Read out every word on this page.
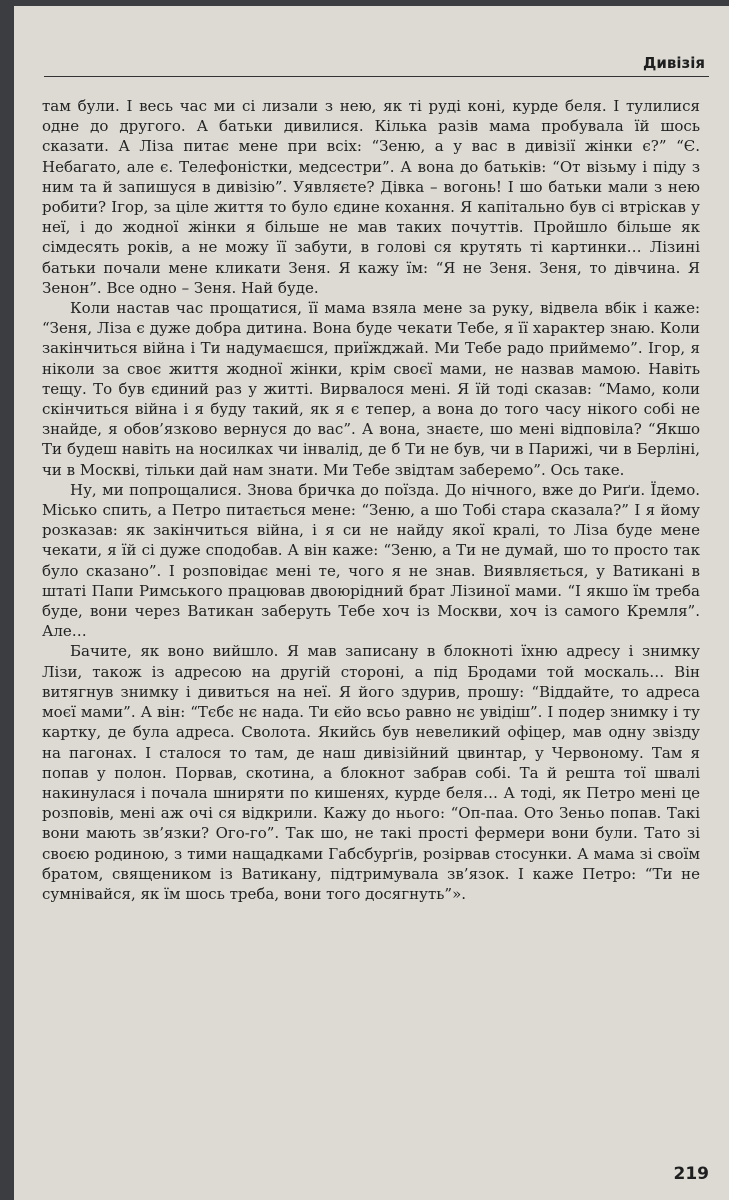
Дивізія

там були. І весь час ми сі лизали з нею, як ті руді коні, курде беля. І тулилися одне до другого. А батьки дивилися. Кілька разів мама пробувала їй шось сказати. А Ліза питає мене при всіх: “Зеню, а у вас в дивізії жінки є?” “Є. Небагато, але є. Телефоністки, медсестри”. А вона до батьків: “От візьму і піду з ним та й запишуся в дивізію”. Уявляєте? Дівка – вогонь! І шо батьки мали з нею робити? Ігор, за ціле життя то було єдине кохання. Я капітально був сі втріскав у неї, і до жодної жінки я більше не мав таких почуттів. Пройшло більше як сімдесять років, а не можу її забути, в голові ся крутять ті картинки… Лізині батьки почали мене кликати Зеня. Я кажу їм: “Я не Зеня. Зеня, то дівчина. Я Зенон”. Все одно – Зеня. Най буде.

Коли настав час прощатися, її мама взяла мене за руку, відвела вбік і каже: “Зеня, Ліза є дуже добра дитина. Вона буде чекати Тебе, я її характер знаю. Коли закінчиться війна і Ти надумаєшся, приїжджай. Ми Тебе радо приймемо”. Ігор, я ніколи за своє життя жодної жінки, крім своєї мами, не назвав мамою. Навіть тещу. То був єдиний раз у житті. Вирвалося мені. Я їй тоді сказав: “Мамо, коли скінчиться війна і я буду такий, як я є тепер, а вона до того часу нікого собі не знайде, я обов’язково вернуся до вас”. А вона, знаєте, шо мені відповіла? “Якшо Ти будеш навіть на носилках чи інвалід, де б Ти не був, чи в Парижі, чи в Берліні, чи в Москві, тільки дай нам знати. Ми Тебе звідтам заберемо”. Ось таке.

Ну, ми попрощалися. Знова бричка до поїзда. До нічного, вже до Риґи. Їдемо. Місько спить, а Петро питається мене: “Зеню, а шо Тобі стара сказала?” І я йому розказав: як закінчиться війна, і я си не найду якої кралі, то Ліза буде мене чекати, я їй сі дуже сподобав. А він каже: “Зеню, а Ти не думай, шо то просто так було сказано”. І розповідає мені те, чого я не знав. Виявляється, у Ватикані в штаті Папи Римського працював двоюрідний брат Лізиної мами. “І якшо їм треба буде, вони через Ватикан заберуть Тебе хоч із Москви, хоч із самого Кремля”. Але…

Бачите, як воно вийшло. Я мав записану в блокноті їхню адресу і знимку Лізи, також із адресою на другій стороні, а під Бродами той москаль… Він витягнув знимку і дивиться на неї. Я його здурив, прошу: “Віддайте, то адреса моєї мами”. А він: “Тєбє нє нада. Ти єйо всьо равно нє увідіш”. І подер знимку і ту картку, де була адреса. Сволота. Якийсь був невеликий офіцер, мав одну звізду на пагонах. І сталося то там, де наш дивізійний цвинтар, у Червоному. Там я попав у полон. Порвав, скотина, а блокнот забрав собі. Та й решта тої швалі накинулася і почала шниряти по кишенях, курде беля… А тоді, як Петро мені це розповів, мені аж очі ся відкрили. Кажу до нього: “Оп-паа. Ото Зеньо попав. Такі вони мають зв’язки? Ого-го”. Так шо, не такі прості фермери вони були. Тато зі своєю родиною, з тими нащадками Габсбурґів, розірвав стосунки. А мама зі своїм братом, священиком із Ватикану, підтримувала зв’язок. І каже Петро: “Ти не сумнівайся, як їм шось треба, вони того досягнуть”».

219
